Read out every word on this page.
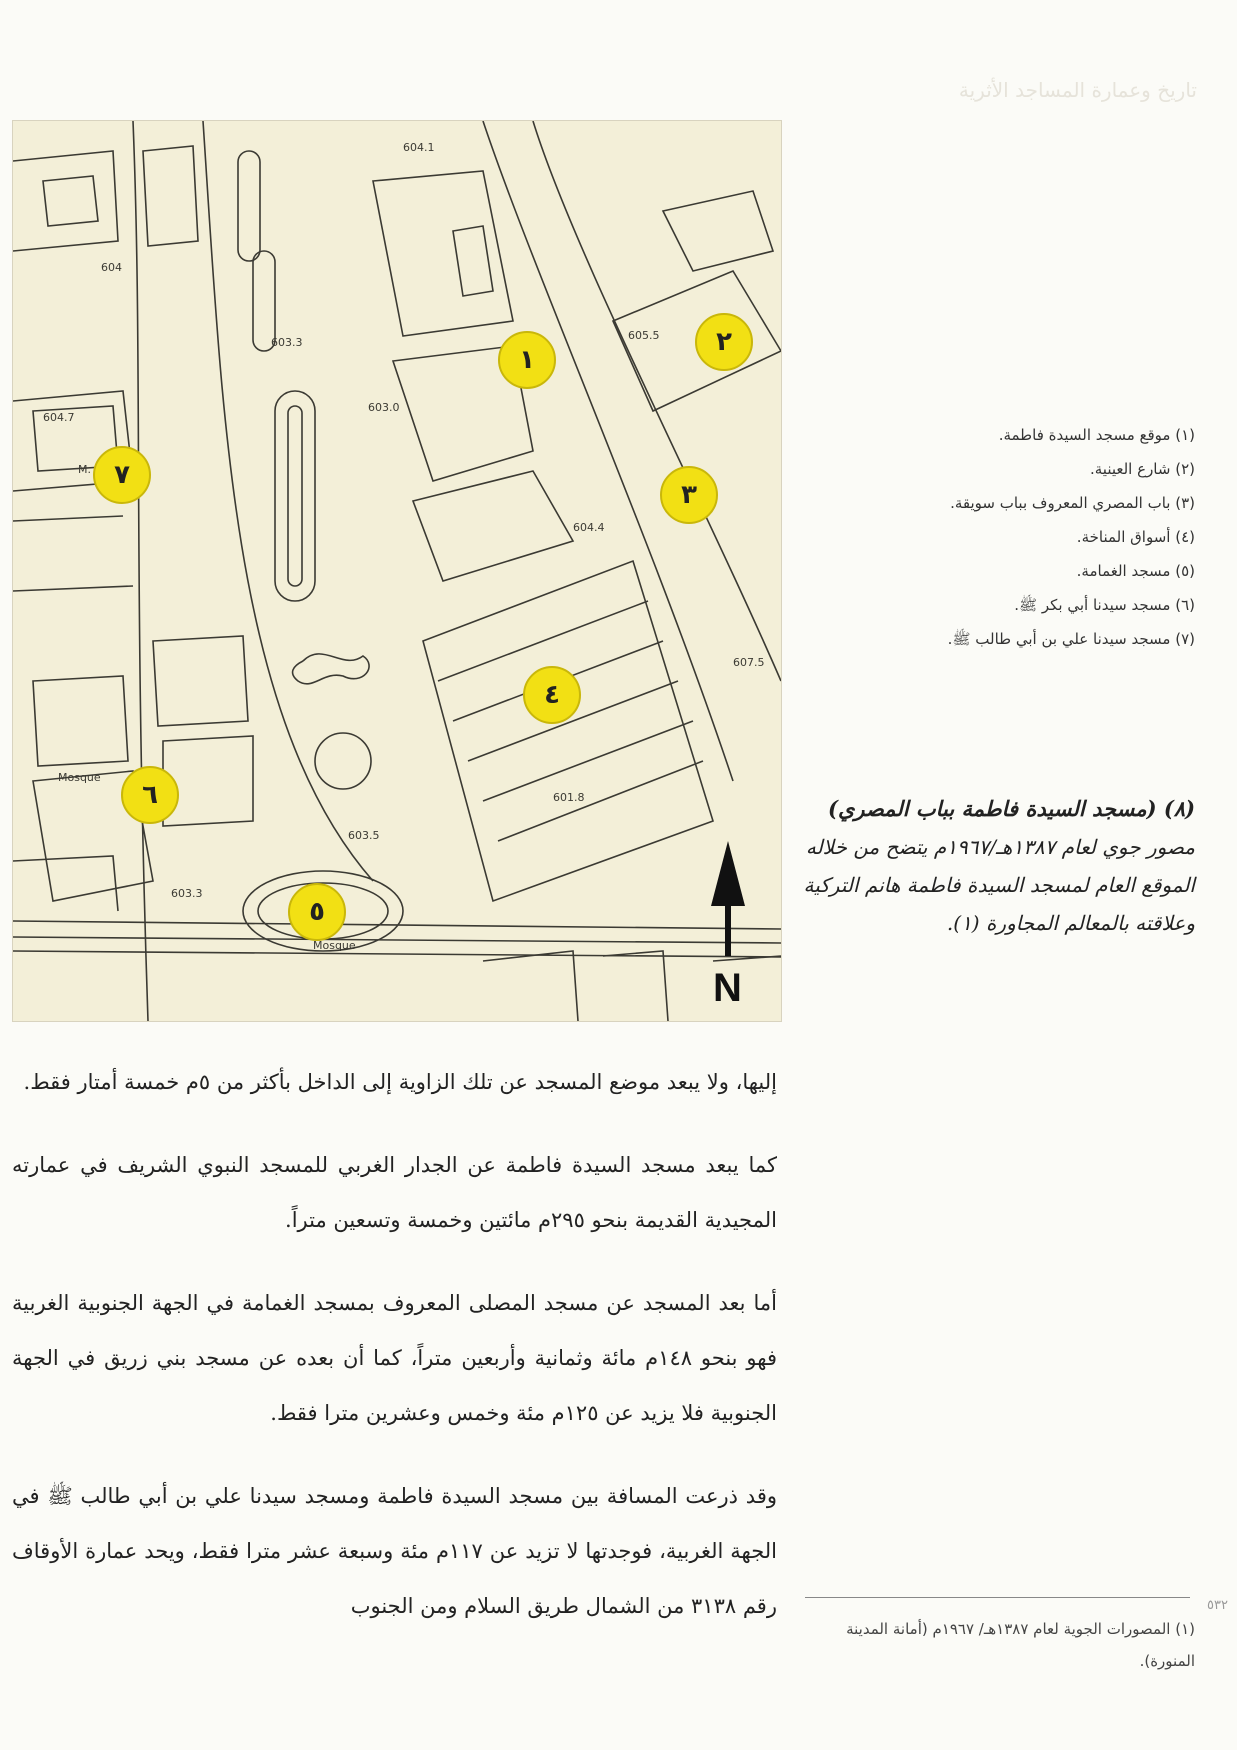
تاريخ وعمارة المساجد الأثرية
604.1
604
603.3
603.0
604.7
605.5
604.4
607.5
601.8
603.5
603.3
M.
Mosque
Mosque
١
٢
٣
٤
٥
٦
٧
N
(١) موقع مسجد السيدة فاطمة.
(٢) شارع العينية.
(٣) باب المصري المعروف بباب سويقة.
(٤) أسواق المناخة.
(٥) مسجد الغمامة.
(٦) مسجد سيدنا أبي بكر ﷺ.
(٧) مسجد سيدنا علي بن أبي طالب ﷺ.
(٨) (مسجد السيدة فاطمة بباب المصري)
مصور جوي لعام ١٣٨٧هـ/١٩٦٧م يتضح من خلاله الموقع العام لمسجد السيدة فاطمة هانم التركية وعلاقته بالمعالم المجاورة (١).

إليها، ولا يبعد موضع المسجد عن تلك الزاوية إلى الداخل بأكثر من ٥م خمسة أمتار فقط.

كما يبعد مسجد السيدة فاطمة عن الجدار الغربي للمسجد النبوي الشريف في عمارته المجيدية القديمة بنحو ٢٩٥م مائتين وخمسة وتسعين متراً.

أما بعد المسجد عن مسجد المصلى المعروف بمسجد الغمامة في الجهة الجنوبية الغربية فهو بنحو ١٤٨م مائة وثمانية وأربعين متراً، كما أن بعده عن مسجد بني زريق في الجهة الجنوبية فلا يزيد عن ١٢٥م مئة وخمس وعشرين مترا فقط.

وقد ذرعت المسافة بين مسجد السيدة فاطمة ومسجد سيدنا علي بن أبي طالب ﷺ في الجهة الغربية، فوجدتها لا تزيد عن ١١٧م مئة وسبعة عشر مترا فقط، ويحد عمارة الأوقاف رقم ٣١٣٨ من الشمال طريق السلام ومن الجنوب

(١) المصورات الجوية لعام ١٣٨٧هـ/ ١٩٦٧م (أمانة المدينة المنورة).
٥٣٢
